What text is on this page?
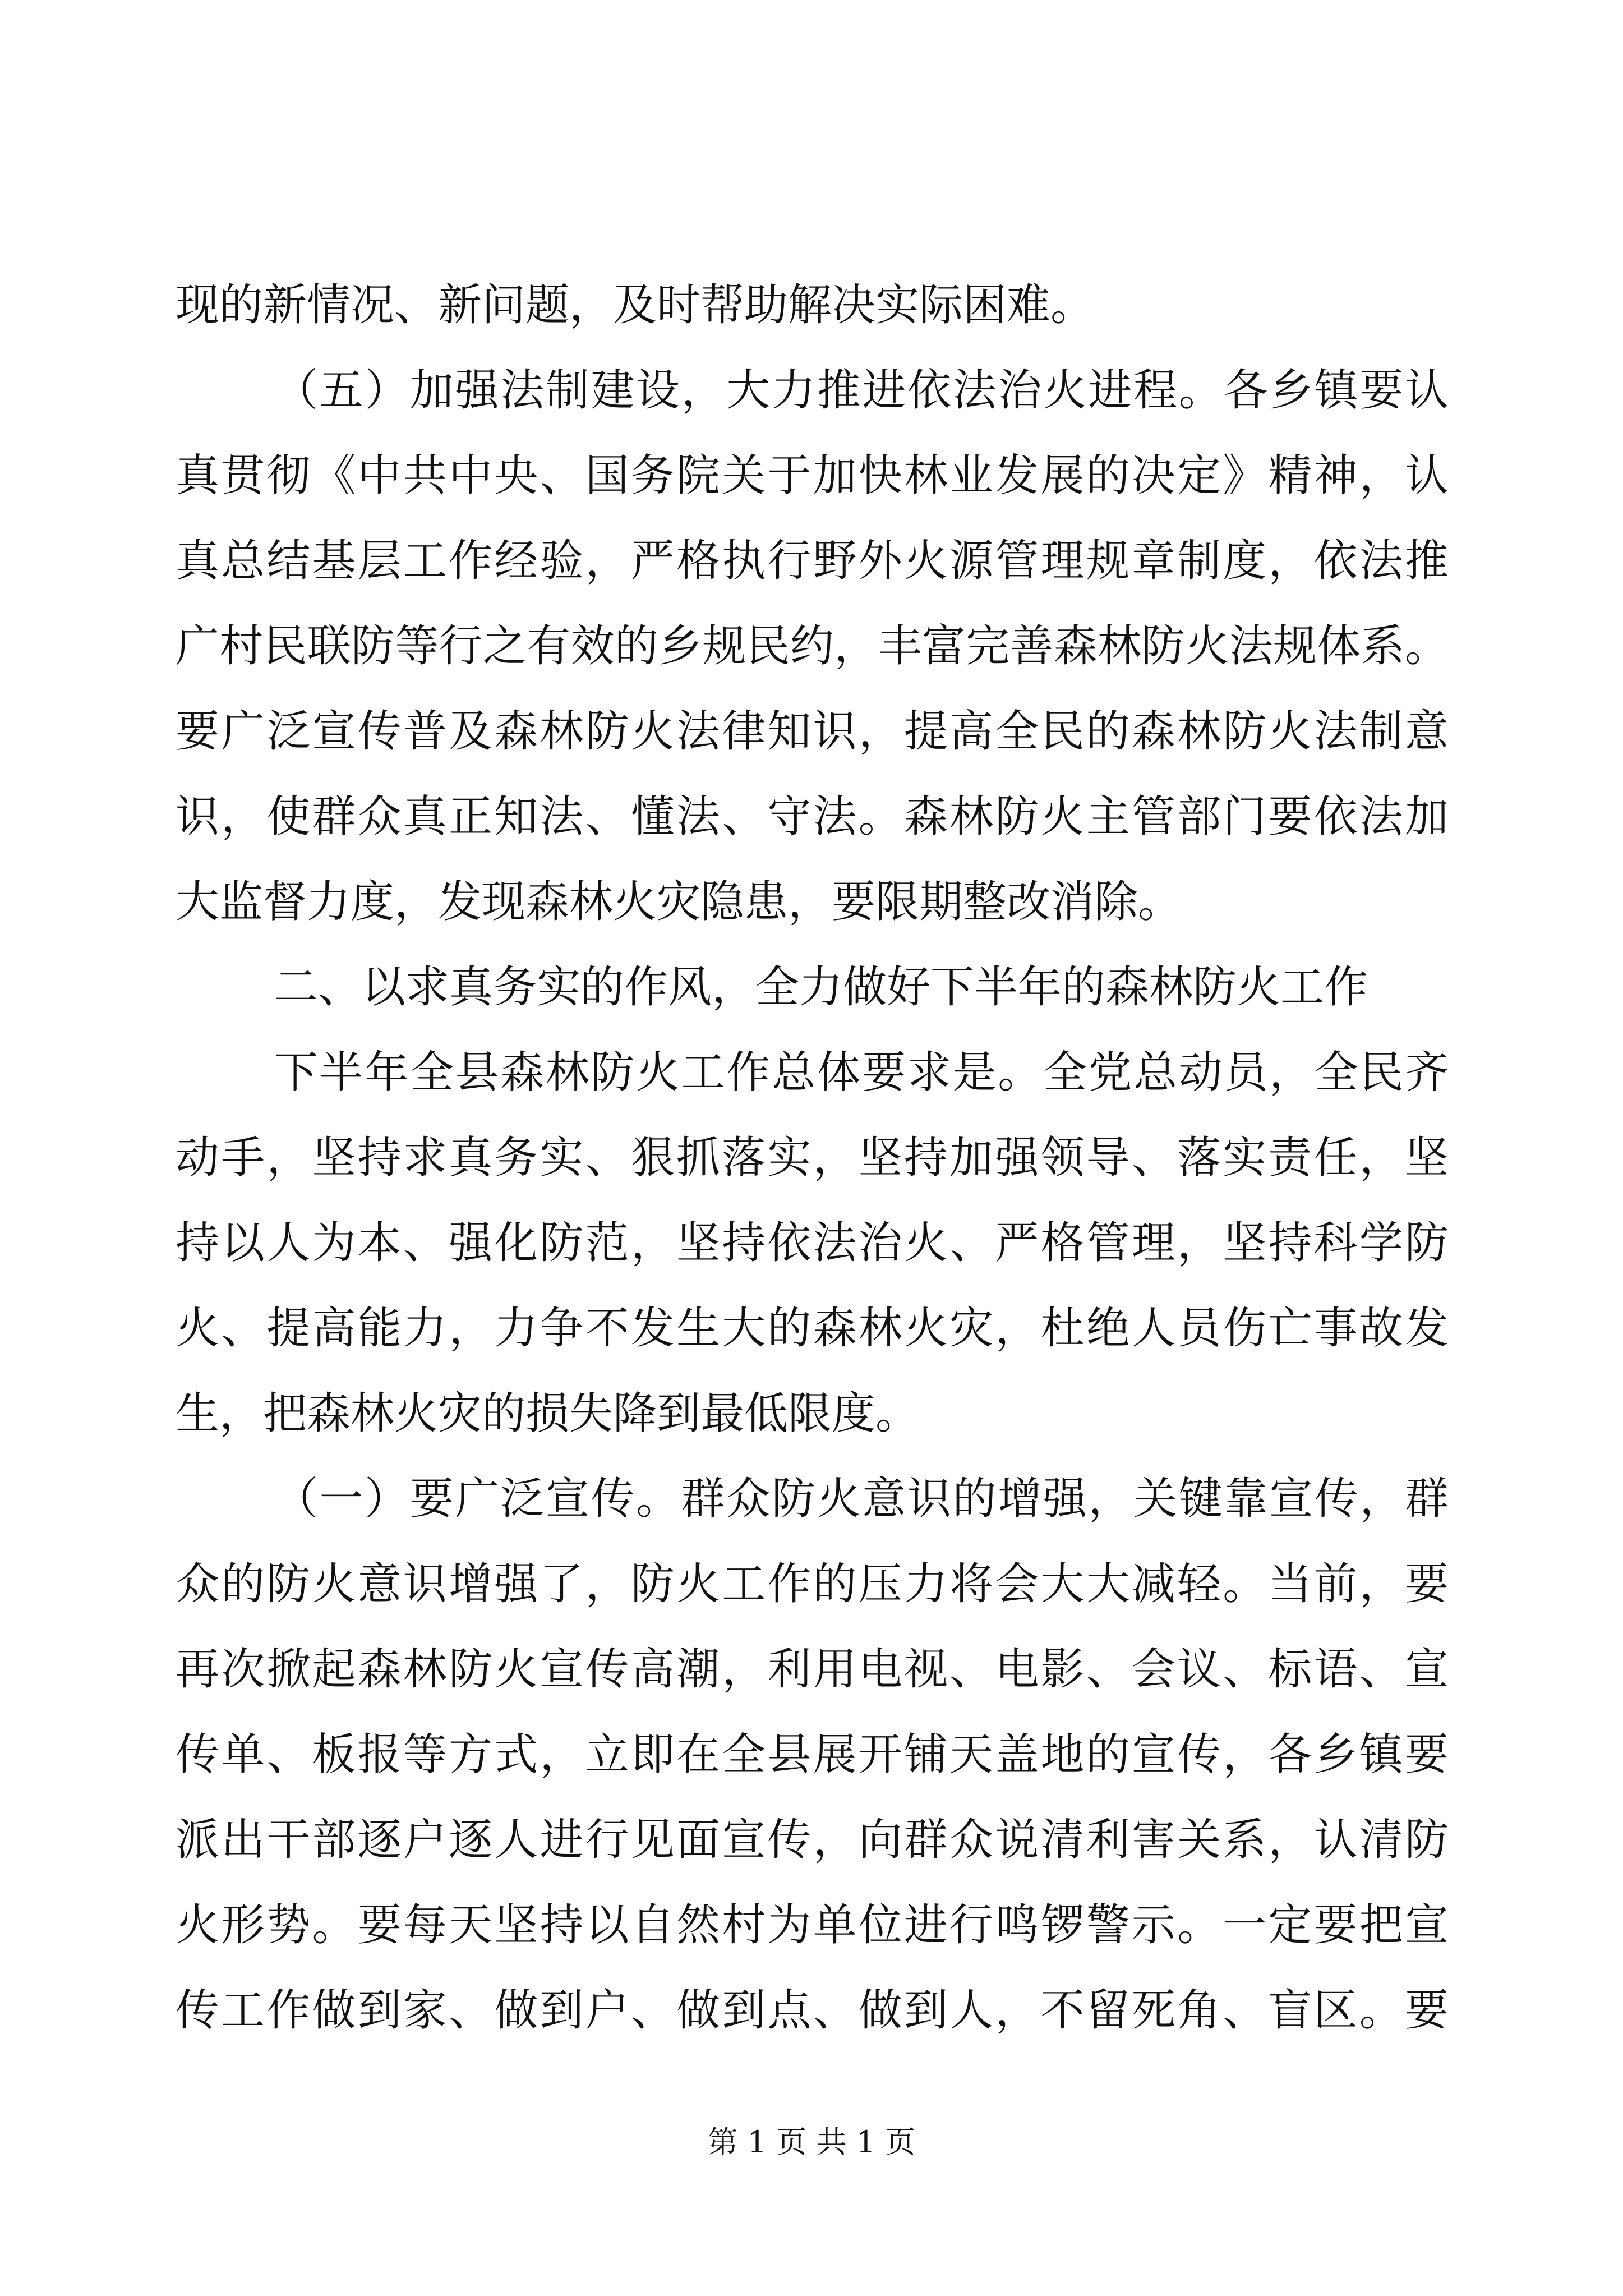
现的新情况、新问题，及时帮助解决实际困难。
（五）加强法制建设，大力推进依法治火进程。各乡镇要认
真贯彻《中共中央、国务院关于加快林业发展的决定》精神，认
真总结基层工作经验，严格执行野外火源管理规章制度，依法推
广村民联防等行之有效的乡规民约，丰富完善森林防火法规体系。
要广泛宣传普及森林防火法律知识，提高全民的森林防火法制意
识，使群众真正知法、懂法、守法。森林防火主管部门要依法加
大监督力度，发现森林火灾隐患，要限期整改消除。
二、以求真务实的作风，全力做好下半年的森林防火工作
下半年全县森林防火工作总体要求是。全党总动员，全民齐
动手，坚持求真务实、狠抓落实，坚持加强领导、落实责任，坚
持以人为本、强化防范，坚持依法治火、严格管理，坚持科学防
火、提高能力，力争不发生大的森林火灾，杜绝人员伤亡事故发
生，把森林火灾的损失降到最低限度。
（一）要广泛宣传。群众防火意识的增强，关键靠宣传，群
众的防火意识增强了，防火工作的压力将会大大减轻。当前，要
再次掀起森林防火宣传高潮，利用电视、电影、会议、标语、宣
传单、板报等方式，立即在全县展开铺天盖地的宣传，各乡镇要
派出干部逐户逐人进行见面宣传，向群众说清利害关系，认清防
火形势。要每天坚持以自然村为单位进行鸣锣警示。一定要把宣
传工作做到家、做到户、做到点、做到人，不留死角、盲区。要
第 1 页 共 1 页
